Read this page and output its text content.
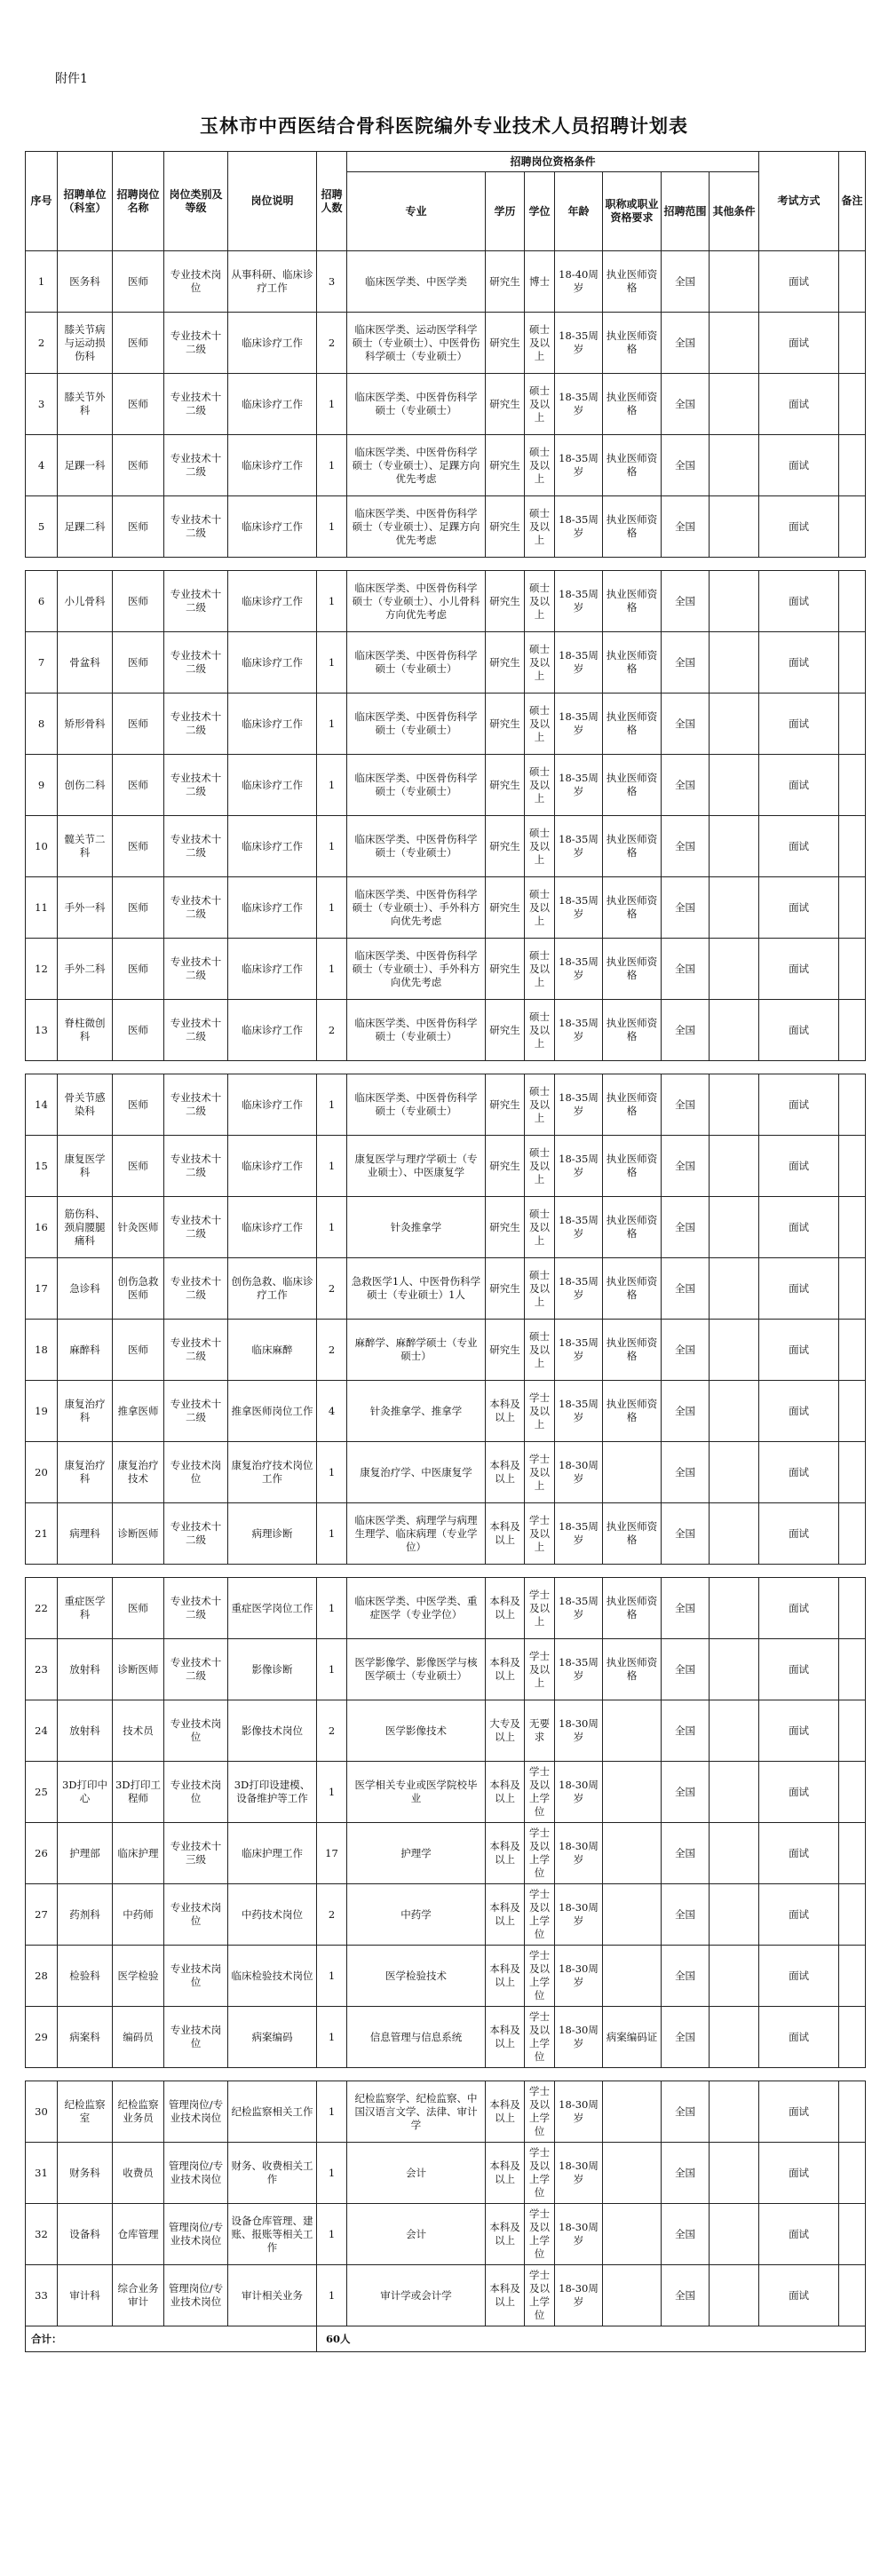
附件1
玉林市中西医结合骨科医院编外专业技术人员招聘计划表
序号	招聘单位（科室）	招聘岗位名称	岗位类别及等级	岗位说明	招聘人数	招聘岗位资格条件							考试方式	备注
						专业	学历	学位	年龄	职称或职业资格要求	招聘范围	其他条件		
1	医务科	医师	专业技术岗位	从事科研、临床诊疗工作	3	临床医学类、中医学类	研究生	博士	18-40周岁	执业医师资格	全国		面试	
2	膝关节病与运动损伤科	医师	专业技术十二级	临床诊疗工作	2	临床医学类、运动医学科学硕士（专业硕士）、中医骨伤科学硕士（专业硕士）	研究生	硕士及以上	18-35周岁	执业医师资格	全国		面试	
3	膝关节外科	医师	专业技术十二级	临床诊疗工作	1	临床医学类、中医骨伤科学硕士（专业硕士）	研究生	硕士及以上	18-35周岁	执业医师资格	全国		面试	
4	足踝一科	医师	专业技术十二级	临床诊疗工作	1	临床医学类、中医骨伤科学硕士（专业硕士）、足踝方向优先考虑	研究生	硕士及以上	18-35周岁	执业医师资格	全国		面试	
5	足踝二科	医师	专业技术十二级	临床诊疗工作	1	临床医学类、中医骨伤科学硕士（专业硕士）、足踝方向优先考虑	研究生	硕士及以上	18-35周岁	执业医师资格	全国		面试	

6	小儿骨科	医师	专业技术十二级	临床诊疗工作	1	临床医学类、中医骨伤科学硕士（专业硕士）、小儿骨科方向优先考虑	研究生	硕士及以上	18-35周岁	执业医师资格	全国		面试	
7	骨盆科	医师	专业技术十二级	临床诊疗工作	1	临床医学类、中医骨伤科学硕士（专业硕士）	研究生	硕士及以上	18-35周岁	执业医师资格	全国		面试	
8	矫形骨科	医师	专业技术十二级	临床诊疗工作	1	临床医学类、中医骨伤科学硕士（专业硕士）	研究生	硕士及以上	18-35周岁	执业医师资格	全国		面试	
9	创伤二科	医师	专业技术十二级	临床诊疗工作	1	临床医学类、中医骨伤科学硕士（专业硕士）	研究生	硕士及以上	18-35周岁	执业医师资格	全国		面试	
10	髋关节二科	医师	专业技术十二级	临床诊疗工作	1	临床医学类、中医骨伤科学硕士（专业硕士）	研究生	硕士及以上	18-35周岁	执业医师资格	全国		面试	
11	手外一科	医师	专业技术十二级	临床诊疗工作	1	临床医学类、中医骨伤科学硕士（专业硕士）、手外科方向优先考虑	研究生	硕士及以上	18-35周岁	执业医师资格	全国		面试	
12	手外二科	医师	专业技术十二级	临床诊疗工作	1	临床医学类、中医骨伤科学硕士（专业硕士）、手外科方向优先考虑	研究生	硕士及以上	18-35周岁	执业医师资格	全国		面试	
13	脊柱微创科	医师	专业技术十二级	临床诊疗工作	2	临床医学类、中医骨伤科学硕士（专业硕士）	研究生	硕士及以上	18-35周岁	执业医师资格	全国		面试	

14	骨关节感染科	医师	专业技术十二级	临床诊疗工作	1	临床医学类、中医骨伤科学硕士（专业硕士）	研究生	硕士及以上	18-35周岁	执业医师资格	全国		面试	
15	康复医学科	医师	专业技术十二级	临床诊疗工作	1	康复医学与理疗学硕士（专业硕士）、中医康复学	研究生	硕士及以上	18-35周岁	执业医师资格	全国		面试	
16	筋伤科、颈肩腰腿痛科	针灸医师	专业技术十二级	临床诊疗工作	1	针灸推拿学	研究生	硕士及以上	18-35周岁	执业医师资格	全国		面试	
17	急诊科	创伤急救医师	专业技术十二级	创伤急救、临床诊疗工作	2	急救医学1人、中医骨伤科学硕士（专业硕士）1人	研究生	硕士及以上	18-35周岁	执业医师资格	全国		面试	
18	麻醉科	医师	专业技术十二级	临床麻醉	2	麻醉学、麻醉学硕士（专业硕士）	研究生	硕士及以上	18-35周岁	执业医师资格	全国		面试	
19	康复治疗科	推拿医师	专业技术十二级	推拿医师岗位工作	4	针灸推拿学、推拿学	本科及以上	学士及以上	18-35周岁	执业医师资格	全国		面试	
20	康复治疗科	康复治疗技术	专业技术岗位	康复治疗技术岗位工作	1	康复治疗学、中医康复学	本科及以上	学士及以上	18-30周岁		全国		面试	
21	病理科	诊断医师	专业技术十二级	病理诊断	1	临床医学类、病理学与病理生理学、临床病理（专业学位）	本科及以上	学士及以上	18-35周岁	执业医师资格	全国		面试	

22	重症医学科	医师	专业技术十二级	重症医学岗位工作	1	临床医学类、中医学类、重症医学（专业学位）	本科及以上	学士及以上	18-35周岁	执业医师资格	全国		面试	
23	放射科	诊断医师	专业技术十二级	影像诊断	1	医学影像学、影像医学与核医学硕士（专业硕士）	本科及以上	学士及以上	18-35周岁	执业医师资格	全国		面试	
24	放射科	技术员	专业技术岗位	影像技术岗位	2	医学影像技术	大专及以上	无要求	18-30周岁		全国		面试	
25	3D打印中心	3D打印工程师	专业技术岗位	3D打印设建模、设备维护等工作	1	医学相关专业或医学院校毕业	本科及以上	学士及以上学位	18-30周岁		全国		面试	
26	护理部	临床护理	专业技术十三级	临床护理工作	17	护理学	本科及以上	学士及以上学位	18-30周岁		全国		面试	
27	药剂科	中药师	专业技术岗位	中药技术岗位	2	中药学	本科及以上	学士及以上学位	18-30周岁		全国		面试	
28	检验科	医学检验	专业技术岗位	临床检验技术岗位	1	医学检验技术	本科及以上	学士及以上学位	18-30周岁		全国		面试	
29	病案科	编码员	专业技术岗位	病案编码	1	信息管理与信息系统	本科及以上	学士及以上学位	18-30周岁	病案编码证	全国		面试	

30	纪检监察室	纪检监察业务员	管理岗位/专业技术岗位	纪检监察相关工作	1	纪检监察学、纪检监察、中国汉语言文学、法律、审计学	本科及以上	学士及以上学位	18-30周岁		全国		面试	
31	财务科	收费员	管理岗位/专业技术岗位	财务、收费相关工作	1	会计	本科及以上	学士及以上学位	18-30周岁		全国		面试	
32	设备科	仓库管理	管理岗位/专业技术岗位	设备仓库管理、建账、报账等相关工作	1	会计	本科及以上	学士及以上学位	18-30周岁		全国		面试	
33	审计科	综合业务审计	管理岗位/专业技术岗位	审计相关业务	1	审计学或会计学	本科及以上	学士及以上学位	18-30周岁		全国		面试	
合计：					60人									
